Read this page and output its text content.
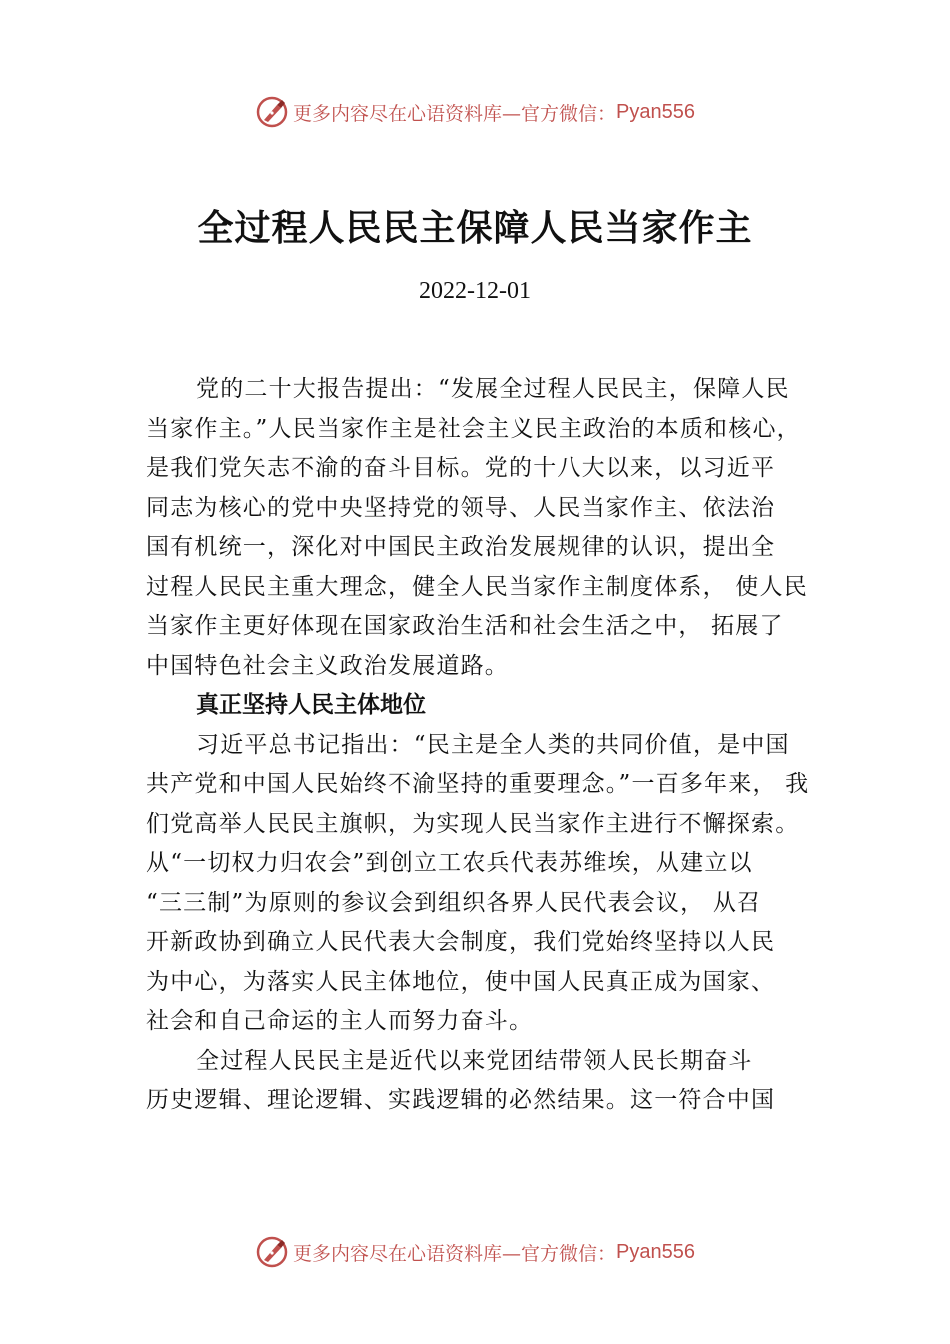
更多内容尽在心语资料库—官方微信： Pyan556
全过程人民民主保障人民当家作主
2022-12-01
党的二十大报告提出：“发展全过程人民民主，保障人民
当家作主。”人民当家作主是社会主义民主政治的本质和核心，
是我们党矢志不渝的奋斗目标。党的十八大以来，以习近平
同志为核心的党中央坚持党的领导、人民当家作主、依法治
国有机统一，深化对中国民主政治发展规律的认识，提出全
过程人民民主重大理念，健全人民当家作主制度体系， 使人民
当家作主更好体现在国家政治生活和社会生活之中， 拓展了
中国特色社会主义政治发展道路。
真正坚持人民主体地位
习近平总书记指出：“民主是全人类的共同价值，是中国
共产党和中国人民始终不渝坚持的重要理念。”一百多年来， 我
们党高举人民民主旗帜，为实现人民当家作主进行不懈探索。
从“一切权力归农会”到创立工农兵代表苏维埃，从建立以
“三三制”为原则的参议会到组织各界人民代表会议， 从召
开新政协到确立人民代表大会制度，我们党始终坚持以人民
为中心，为落实人民主体地位，使中国人民真正成为国家、
社会和自己命运的主人而努力奋斗。
全过程人民民主是近代以来党团结带领人民长期奋斗
历史逻辑、理论逻辑、实践逻辑的必然结果。这一符合中国
更多内容尽在心语资料库—官方微信： Pyan556
